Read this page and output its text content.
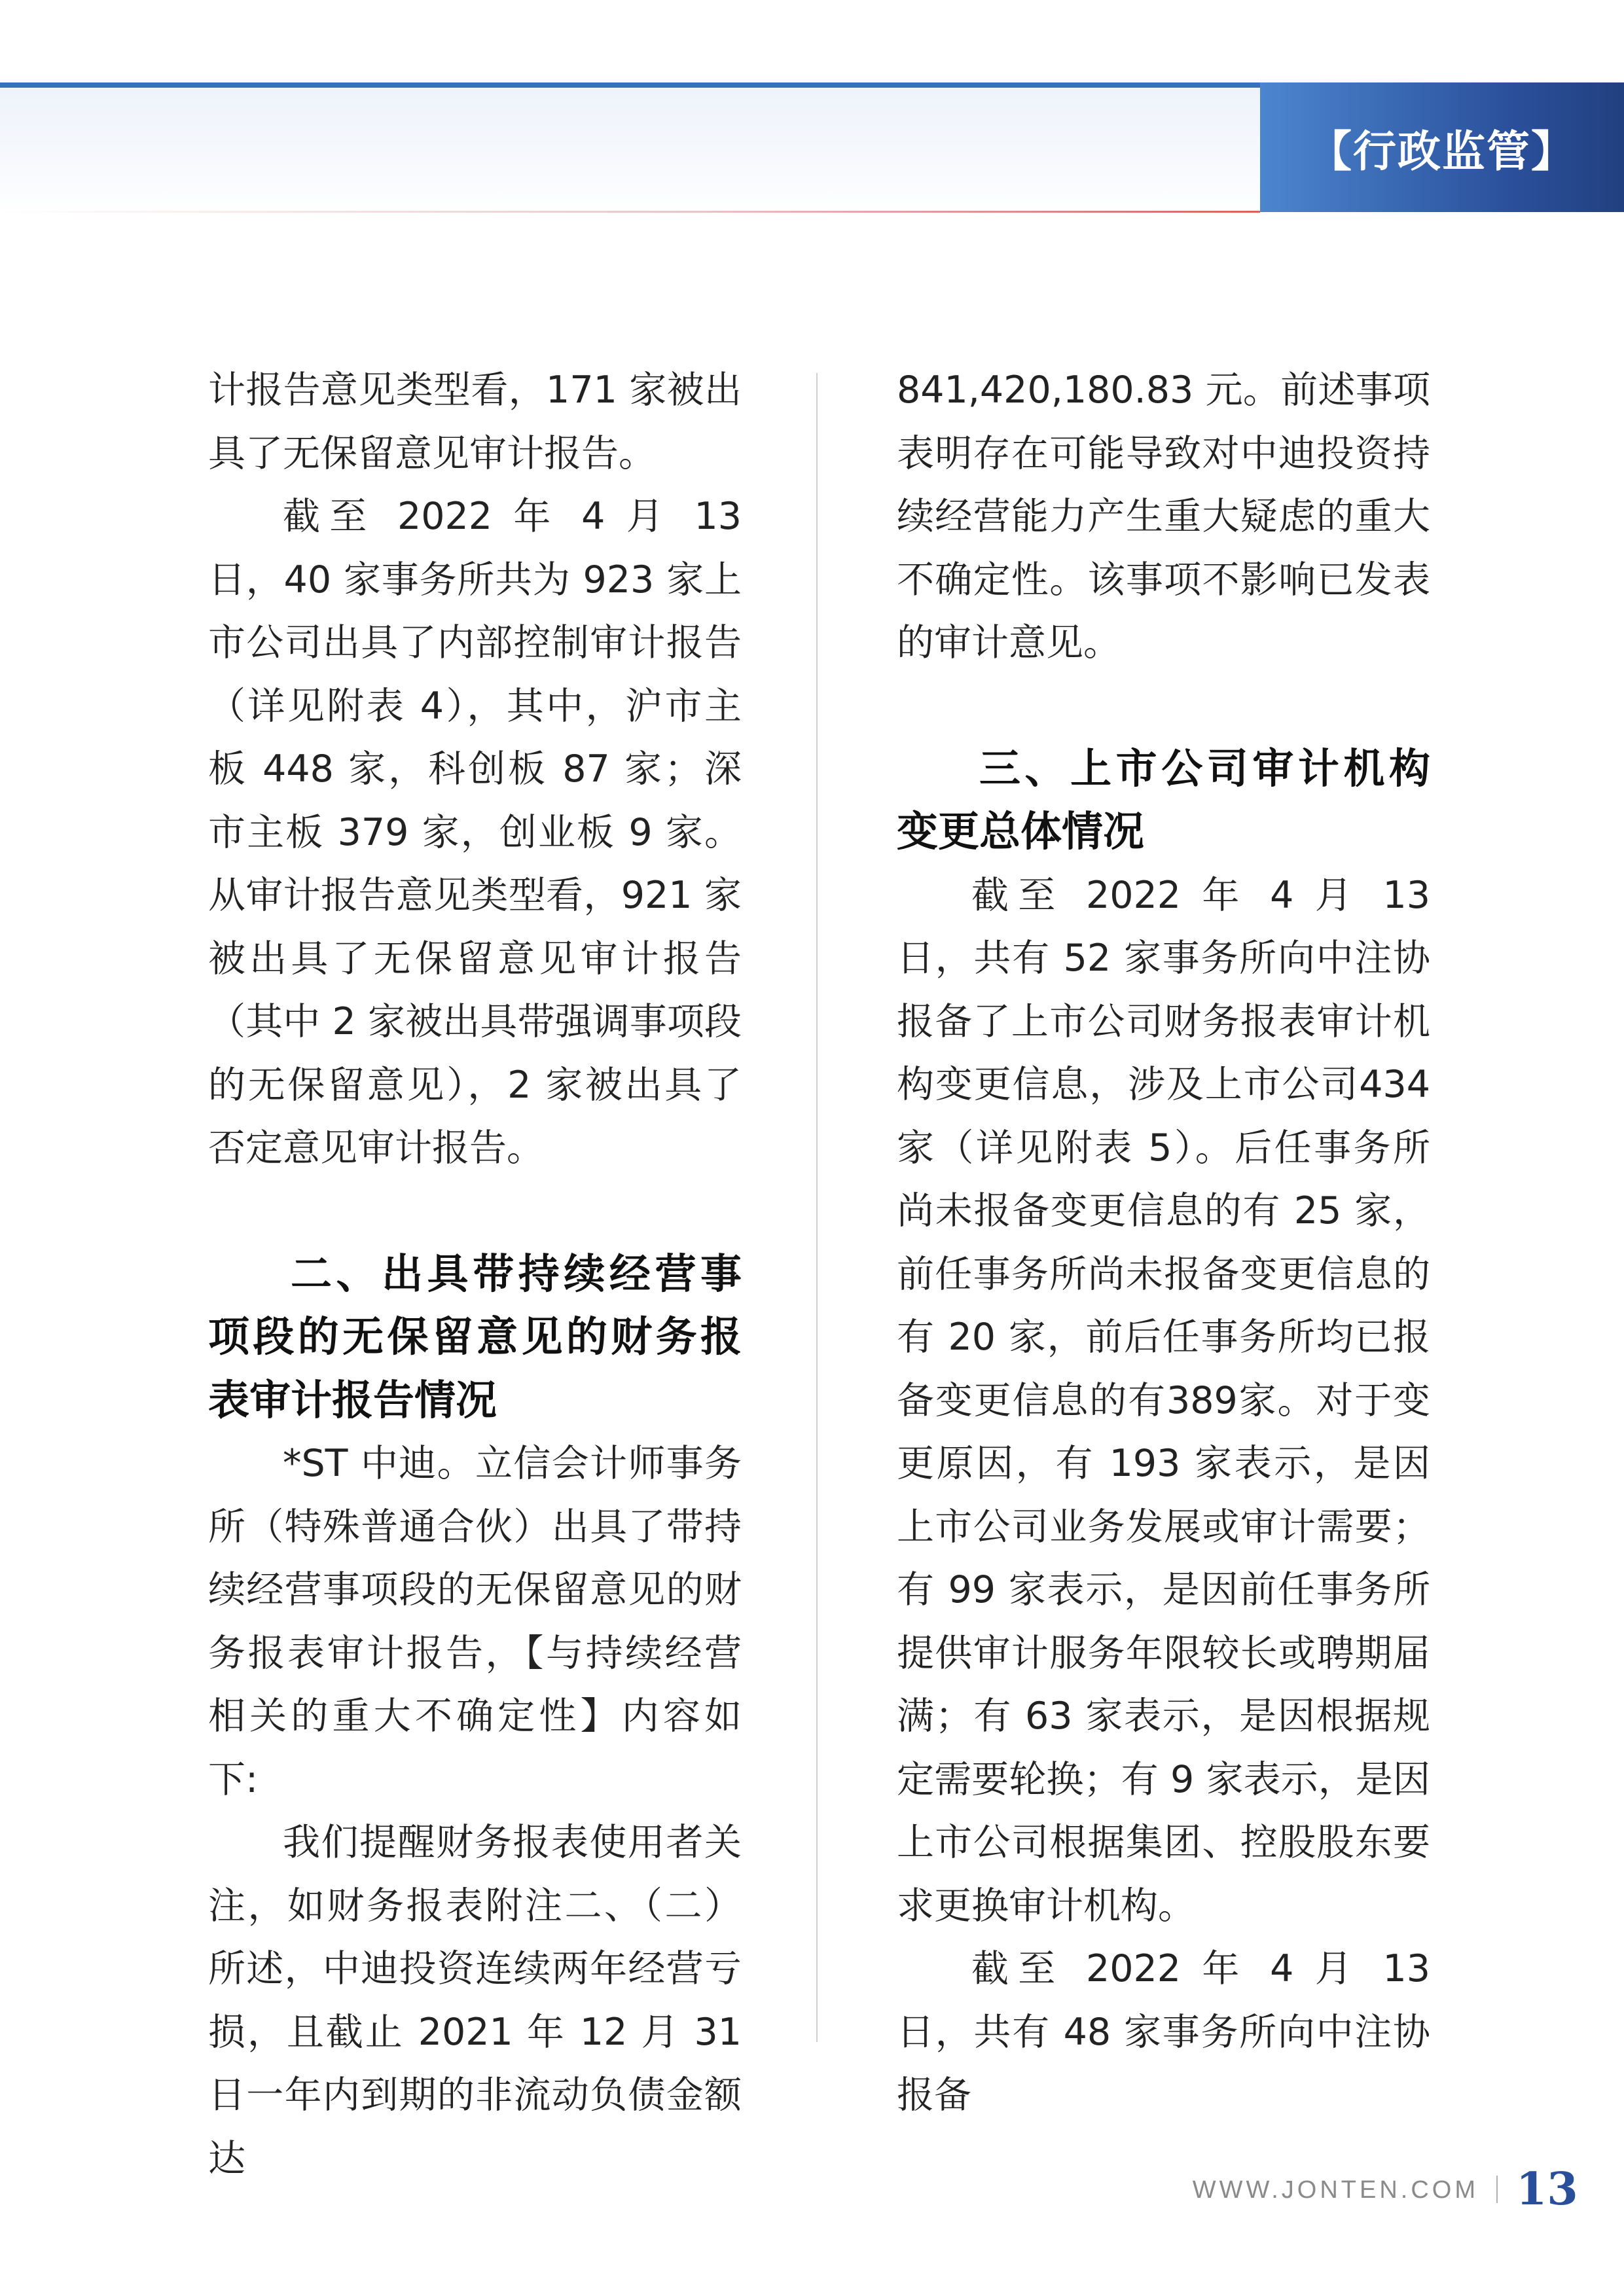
【行政监管】

计报告意见类型看，171 家被出具了无保留意见审计报告。

截至 2022 年 4 月 13 日，40 家事务所共为 923 家上市公司出具了内部控制审计报告（详见附表 4），其中，沪市主板 448 家，科创板 87 家；深市主板 379 家，创业板 9 家。从审计报告意见类型看，921 家被出具了无保留意见审计报告（其中 2 家被出具带强调事项段的无保留意见），2 家被出具了否定意见审计报告。

二、出具带持续经营事项段的无保留意见的财务报表审计报告情况

*ST 中迪。立信会计师事务所（特殊普通合伙）出具了带持续经营事项段的无保留意见的财务报表审计报告，【与持续经营相关的重大不确定性】内容如下:

我们提醒财务报表使用者关注，如财务报表附注二、（二）所述，中迪投资连续两年经营亏损，且截止 2021 年 12 月 31 日一年内到期的非流动负债金额达

841,420,180.83 元。前述事项表明存在可能导致对中迪投资持续经营能力产生重大疑虑的重大不确定性。该事项不影响已发表的审计意见。

三、上市公司审计机构变更总体情况

截至 2022 年 4 月 13 日，共有 52 家事务所向中注协报备了上市公司财务报表审计机构变更信息，涉及上市公司434家（详见附表 5）。后任事务所尚未报备变更信息的有 25 家，前任事务所尚未报备变更信息的有 20 家，前后任事务所均已报备变更信息的有389家。对于变更原因，有 193 家表示，是因上市公司业务发展或审计需要；有 99 家表示，是因前任事务所提供审计服务年限较长或聘期届满；有 63 家表示，是因根据规定需要轮换；有 9 家表示，是因上市公司根据集团、控股股东要求更换审计机构。

截至 2022 年 4 月 13 日，共有 48 家事务所向中注协报备

WWW.JONTEN.COM 13
